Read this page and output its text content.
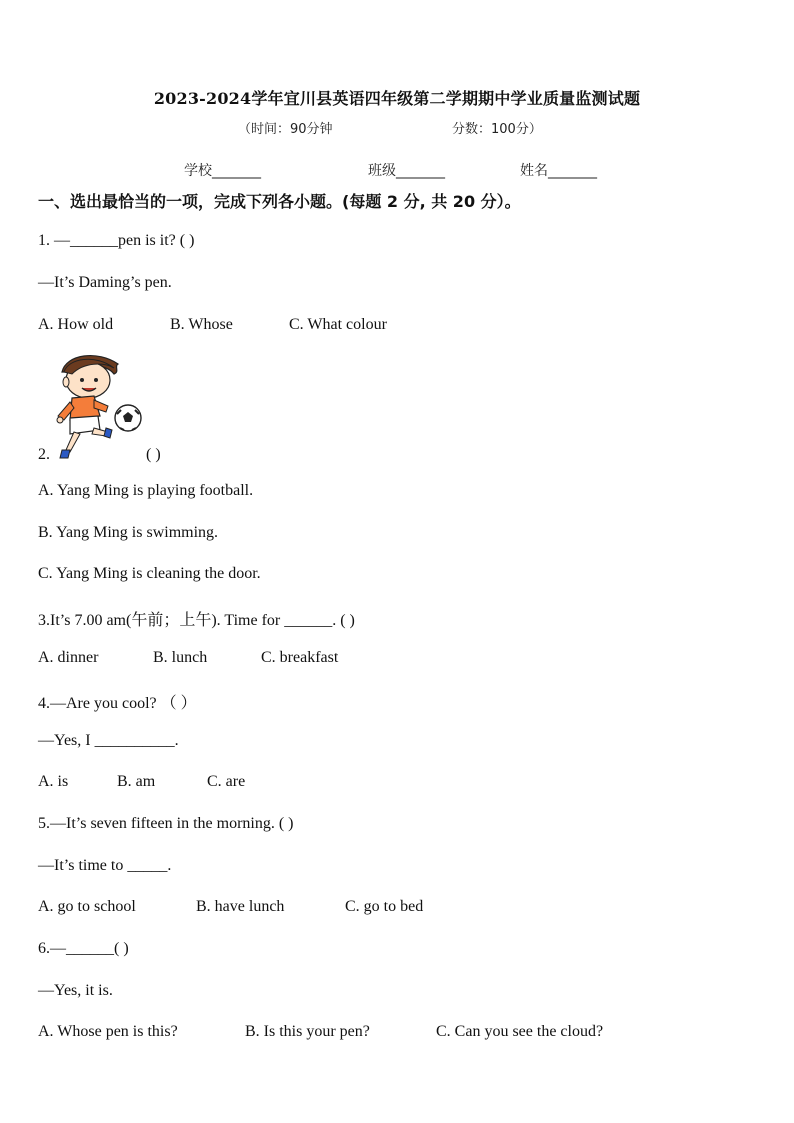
2023-2024学年宜川县英语四年级第二学期期中学业质量监测试题
（时间：90分钟	分数：100分）
学校_______	班级_______	姓名_______
一、选出最恰当的一项，完成下列各小题。(每题 2 分, 共 20 分）。
1. —______pen is it? ( )
—It’s Daming’s pen.
A. How old	B. Whose	C. What colour
2.	( )
A. Yang Ming is playing football.
B. Yang Ming is swimming.
C. Yang Ming is cleaning the door.
3.It’s 7.00 am(午前；上午). Time for ______. ( )
A. dinner	B. lunch	C. breakfast
4.—Are you cool? （ ）
—Yes, I __________.
A. is	B. am	C. are
5.—It’s seven fifteen in the morning. ( )
—It’s time to _____.
A. go to school	B. have lunch	C. go to bed
6.—______( )
—Yes, it is.
A. Whose pen is this?	B. Is this your pen?	C. Can you see the cloud?
